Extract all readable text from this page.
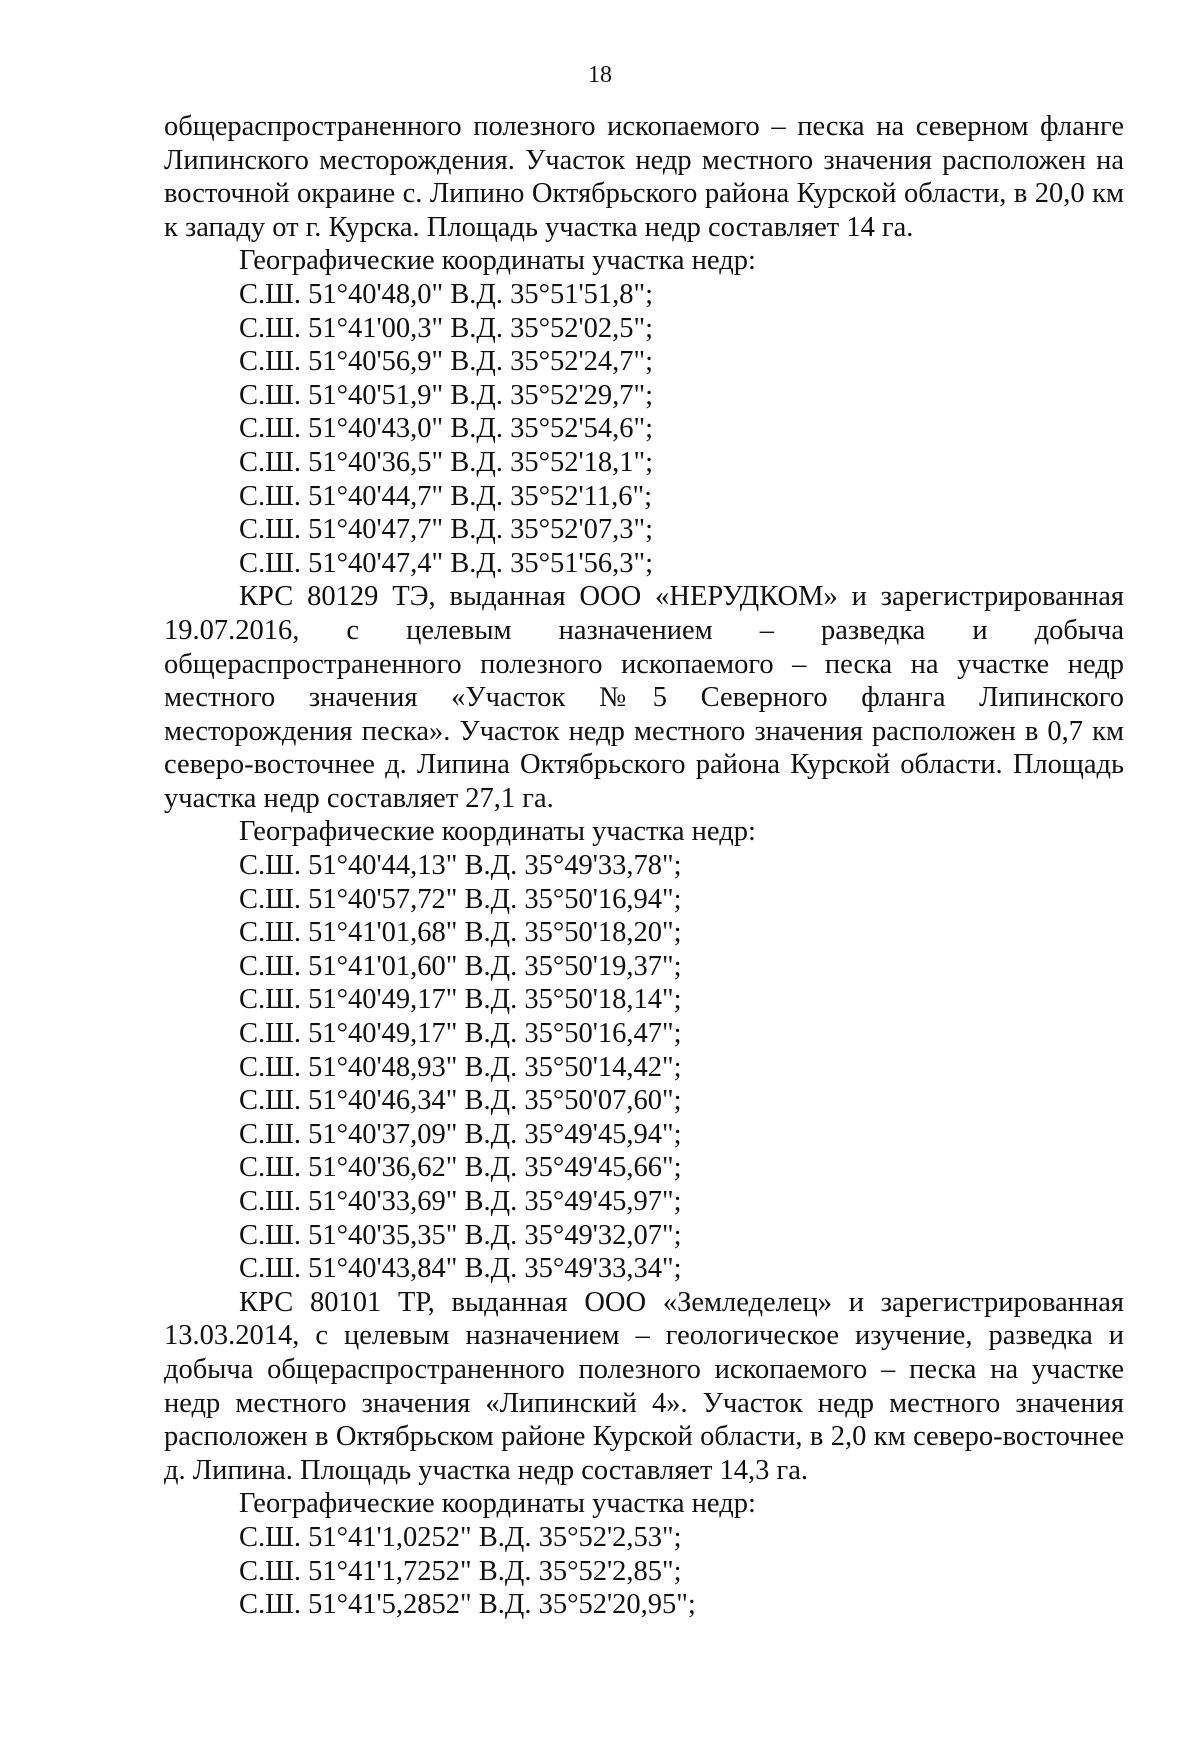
18

общераспространенного полезного ископаемого – песка на северном фланге Липинского месторождения. Участок недр местного значения расположен на восточной окраине с. Липино Октябрьского района Курской области, в 20,0 км к западу от г. Курска. Площадь участка недр составляет 14 га.

Географические координаты участка недр:

С.Ш. 51°40'48,0" В.Д. 35°51'51,8";

С.Ш. 51°41'00,3" В.Д. 35°52'02,5";

С.Ш. 51°40'56,9" В.Д. 35°52'24,7";

С.Ш. 51°40'51,9" В.Д. 35°52'29,7";

С.Ш. 51°40'43,0" В.Д. 35°52'54,6";

С.Ш. 51°40'36,5" В.Д. 35°52'18,1";

С.Ш. 51°40'44,7" В.Д. 35°52'11,6";

С.Ш. 51°40'47,7" В.Д. 35°52'07,3";

С.Ш. 51°40'47,4" В.Д. 35°51'56,3";

КРС 80129 ТЭ, выданная ООО «НЕРУДКОМ» и зарегистрированная 19.07.2016, с целевым назначением – разведка и добыча общераспространенного полезного ископаемого – песка на участке недр местного значения «Участок №5 Северного фланга Липинского месторождения песка». Участок недр местного значения расположен в 0,7 км северо-восточнее д. Липина Октябрьского района Курской области. Площадь участка недр составляет 27,1 га.

Географические координаты участка недр:

С.Ш. 51°40'44,13" В.Д. 35°49'33,78";

С.Ш. 51°40'57,72" В.Д. 35°50'16,94";

С.Ш. 51°41'01,68" В.Д. 35°50'18,20";

С.Ш. 51°41'01,60" В.Д. 35°50'19,37";

С.Ш. 51°40'49,17" В.Д. 35°50'18,14";

С.Ш. 51°40'49,17" В.Д. 35°50'16,47";

С.Ш. 51°40'48,93" В.Д. 35°50'14,42";

С.Ш. 51°40'46,34" В.Д. 35°50'07,60";

С.Ш. 51°40'37,09" В.Д. 35°49'45,94";

С.Ш. 51°40'36,62" В.Д. 35°49'45,66";

С.Ш. 51°40'33,69" В.Д. 35°49'45,97";

С.Ш. 51°40'35,35" В.Д. 35°49'32,07";

С.Ш. 51°40'43,84" В.Д. 35°49'33,34";

КРС 80101 ТР, выданная ООО «Земледелец» и зарегистрированная 13.03.2014, с целевым назначением – геологическое изучение, разведка и добыча общераспространенного полезного ископаемого – песка на участке недр местного значения «Липинский 4». Участок недр местного значения расположен в Октябрьском районе Курской области, в 2,0 км северо-восточнее д. Липина. Площадь участка недр составляет 14,3 га.

Географические координаты участка недр:

С.Ш. 51°41'1,0252" В.Д. 35°52'2,53";

С.Ш. 51°41'1,7252" В.Д. 35°52'2,85";

С.Ш. 51°41'5,2852" В.Д. 35°52'20,95";
